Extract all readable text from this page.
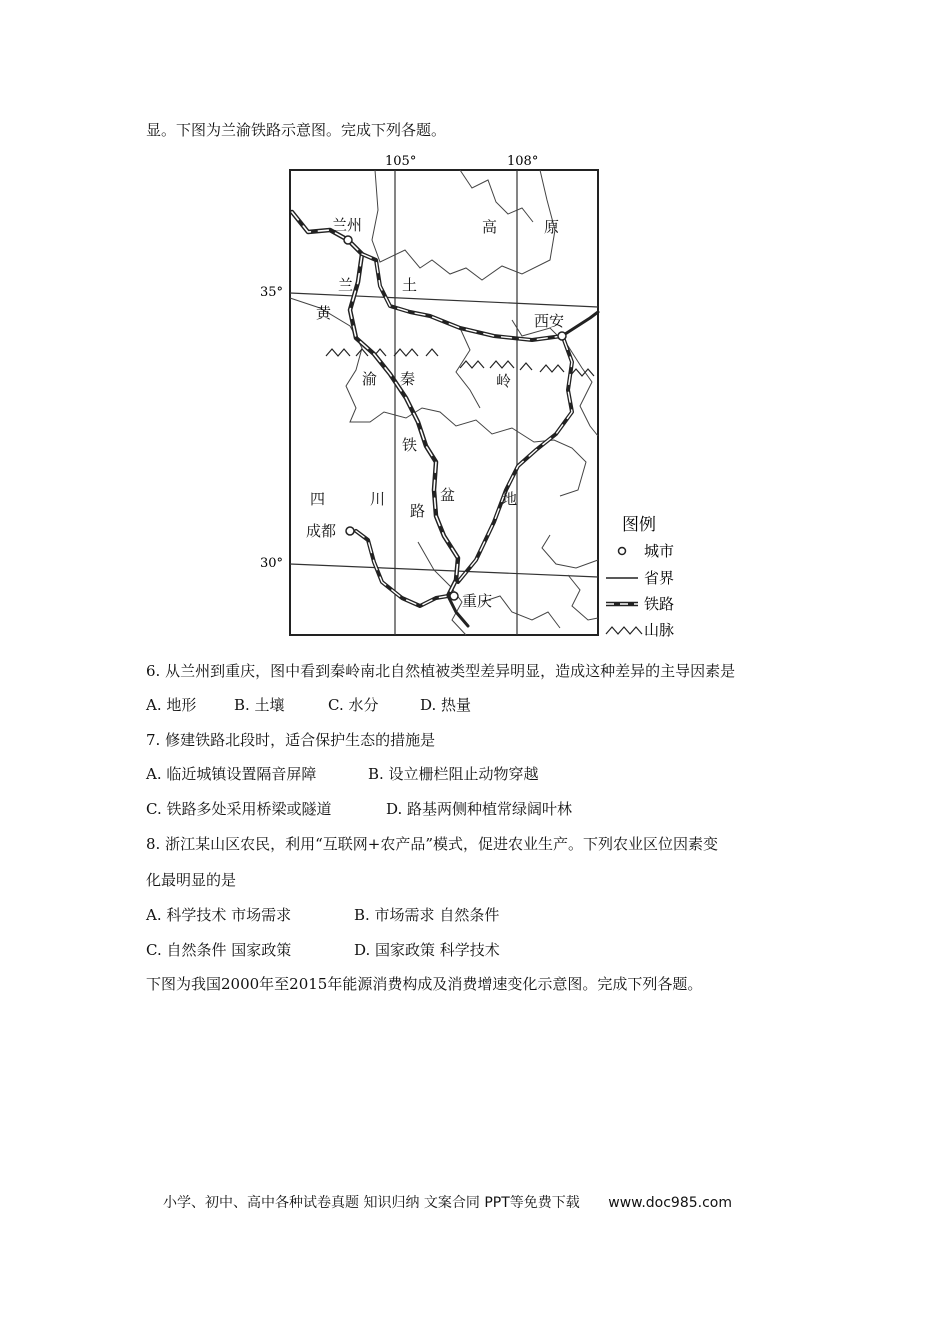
显。下图为兰渝铁路示意图。完成下列各题。
105°	108°
35°
30°
兰州
西安
成都
重庆
黄
土
高	原
秦	岭
四	川	盆	地
兰
渝
铁
路
图例
城市
省界
铁路
山脉
6. 从兰州到重庆，图中看到秦岭南北自然植被类型差异明显，造成这种差异的主导因素是
A. 地形	B. 土壤	C. 水分	D. 热量
7. 修建铁路北段时，适合保护生态的措施是
A. 临近城镇设置隔音屏障	B. 设立栅栏阻止动物穿越
C. 铁路多处采用桥梁或隧道	D. 路基两侧种植常绿阔叶林
8. 浙江某山区农民，利用“互联网+农产品”模式，促进农业生产。下列农业区位因素变
化最明显的是
A. 科学技术 市场需求	B. 市场需求 自然条件
C. 自然条件 国家政策	D. 国家政策 科学技术
下图为我国2000年至2015年能源消费构成及消费增速变化示意图。完成下列各题。
小学、初中、高中各种试卷真题 知识归纳 文案合同 PPT等免费下载 www.doc985.com
